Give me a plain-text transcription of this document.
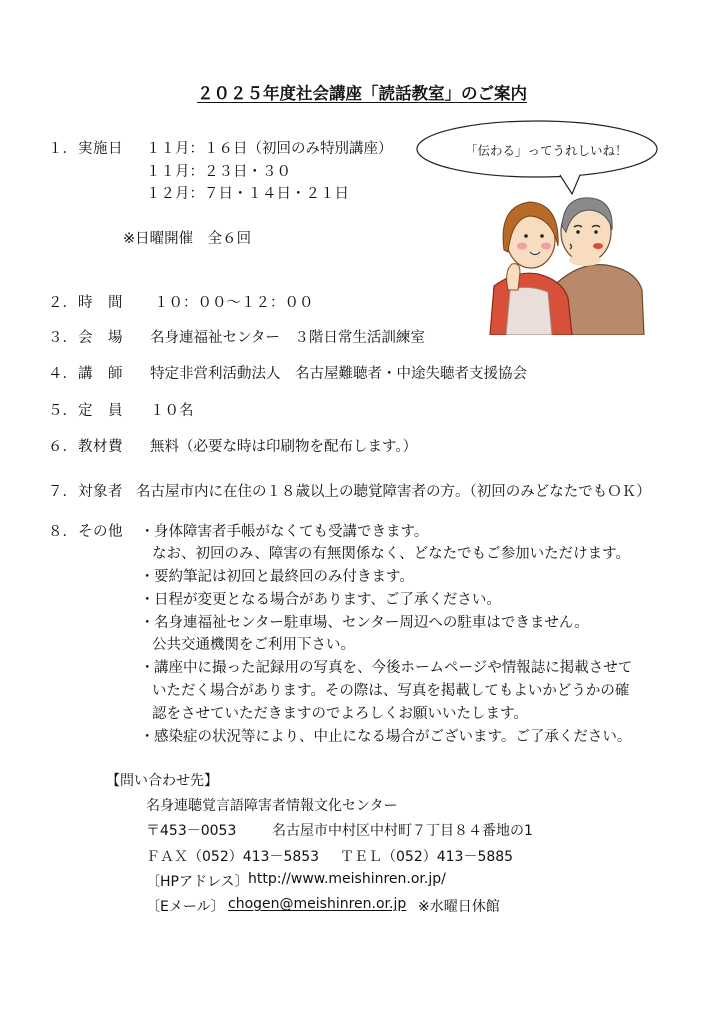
２０２５年度社会講座「読話教室」のご案内
「伝わる」ってうれしいね！
１． 実施日 １１月：１６日（初回のみ特別講座）
１１月：２３日・３０
１２月：７日・１４日・２１日
※日曜開催　全６回
２． 時　間 １０：００～１２：００
３． 会　場 名身連福祉センター　３階日常生活訓練室
４． 講　師 特定非営利活動法人　名古屋難聴者・中途失聴者支援協会
５． 定　員 １０名
６． 教材費 無料（必要な時は印刷物を配布します。）
７． 対象者 名古屋市内に在住の１８歳以上の聴覚障害者の方。（初回のみどなたでもＯＫ）
８． その他 ・ 身体障害者手帳がなくても受講できます。
なお、初回のみ、障害の有無関係なく、どなたでもご参加いただけます。
・ 要約筆記は初回と最終回のみ付きます。
・ 日程が変更となる場合があります、ご了承ください。
・ 名身連福祉センター駐車場、センター周辺への駐車はできません。
公共交通機関をご利用下さい。
・ 講座中に撮った記録用の写真を、今後ホームページや情報誌に掲載させて
いただく場合があります。その際は、写真を掲載してもよいかどうかの確
認をさせていただきますのでよろしくお願いいたします。
・ 感染症の状況等により、中止になる場合がございます。ご了承ください。
【問い合わせ先】
名身連聴覚言語障害者情報文化センター
〒453－0053	名古屋市中村区中村町７丁目８４番地の1
ＦＡＸ（052）413－5853 ＴＥＬ（052）413－5885
〔HPアドレス〕 http://www.meishinren.or.jp/
〔Eメール〕 chogen@meishinren.or.jp ※水曜日休館
